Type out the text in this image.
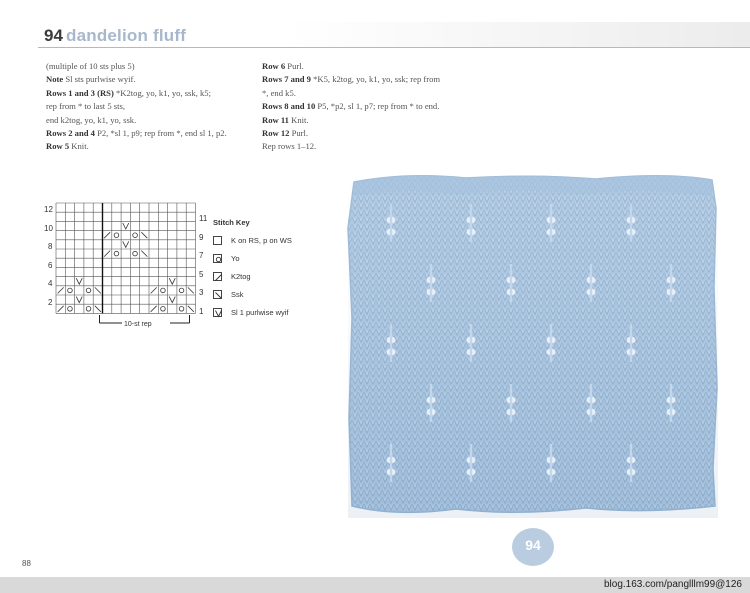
94 dandelion fluff

(multiple of 10 sts plus 5)

Note Sl sts purlwise wyif.

Rows 1 and 3 (RS) *K2tog, yo, k1, yo, ssk, k5;

rep from * to last 5 sts,

end k2tog, yo, k1, yo, ssk.

Rows 2 and 4 P2, *sl 1, p9; rep from *, end sl 1, p2.

Row 5 Knit.

Row 6 Purl.

Rows 7 and 9 *K5, k2tog, yo, k1, yo, ssk; rep from

*, end k5.

Rows 8 and 10 P5, *p2, sl 1, p7; rep from * to end.

Row 11 Knit.

Row 12 Purl.

Rep rows 1–12.

12
10
8
6
4
2
11
9
7
5
3
1
10-st rep
Stitch Key
K on RS, p on WS
Yo
K2tog
Ssk
Sl 1 purlwise wyif
94
88
blog.163.com/panglllm99@126
